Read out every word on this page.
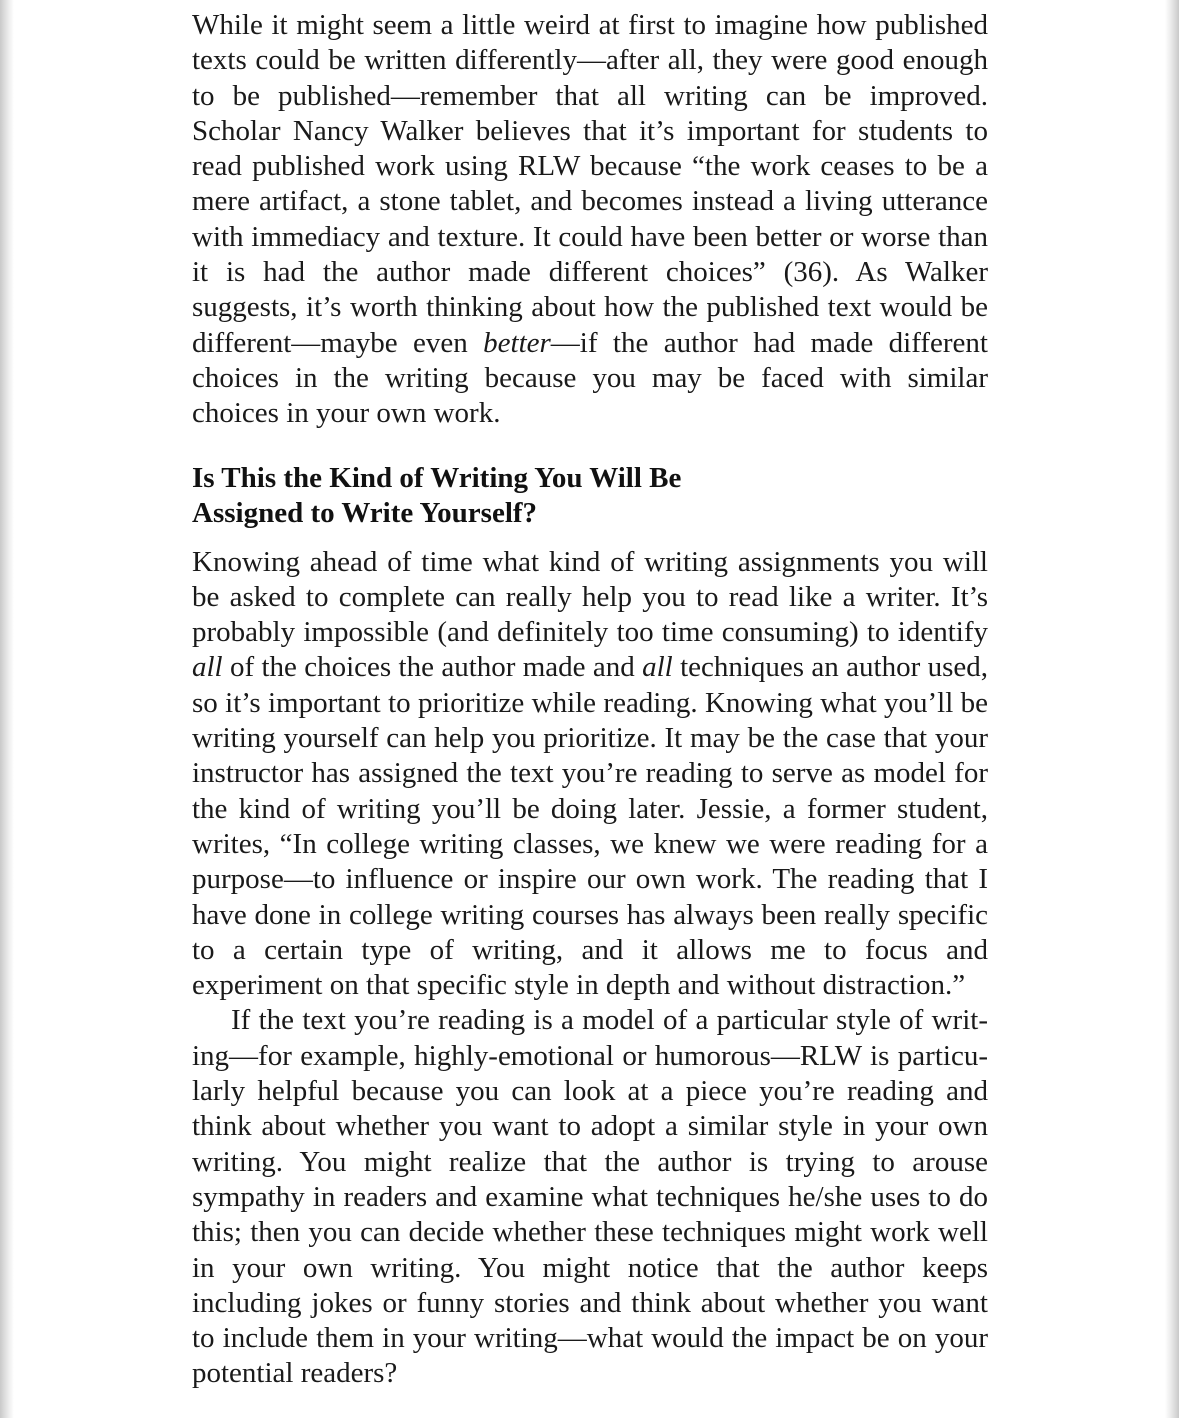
While it might seem a little weird at first to imagine how published texts could be written differently—after all, they were good enough to be published—remember that all writing can be improved. Scholar Nancy Walker believes that it’s important for students to read published work using RLW because “the work ceases to be a mere artifact, a stone tablet, and becomes instead a living utterance with immediacy and texture. It could have been better or worse than it is had the author made different choices” (36). As Walker suggests, it’s worth thinking about how the published text would be different—maybe even better—if the author had made different choices in the writing because you may be faced with similar choices in your own work.

Is This the Kind of Writing You Will Be
Assigned to Write Yourself?

Knowing ahead of time what kind of writing assignments you will be asked to complete can really help you to read like a writer. It’s probably impossible (and definitely too time consuming) to identify all of the choices the author made and all techniques an author used, so it’s important to prioritize while reading. Knowing what you’ll be writing yourself can help you prioritize. It may be the case that your instructor has assigned the text you’re reading to serve as model for the kind of writing you’ll be doing later. Jessie, a former student, writes, “In college writing classes, we knew we were reading for a purpose—to influence or inspire our own work. The reading that I have done in college writing courses has always been really specific to a certain type of writing, and it allows me to focus and experiment on that specific style in depth and without distraction.”

If the text you’re reading is a model of a particular style of writing—for example, highly-emotional or humorous—RLW is particularly helpful because you can look at a piece you’re reading and think about whether you want to adopt a similar style in your own writing. You might realize that the author is trying to arouse sympathy in readers and examine what techniques he/she uses to do this; then you can decide whether these techniques might work well in your own writing. You might notice that the author keeps including jokes or funny stories and think about whether you want to include them in your writing—what would the impact be on your potential readers?
